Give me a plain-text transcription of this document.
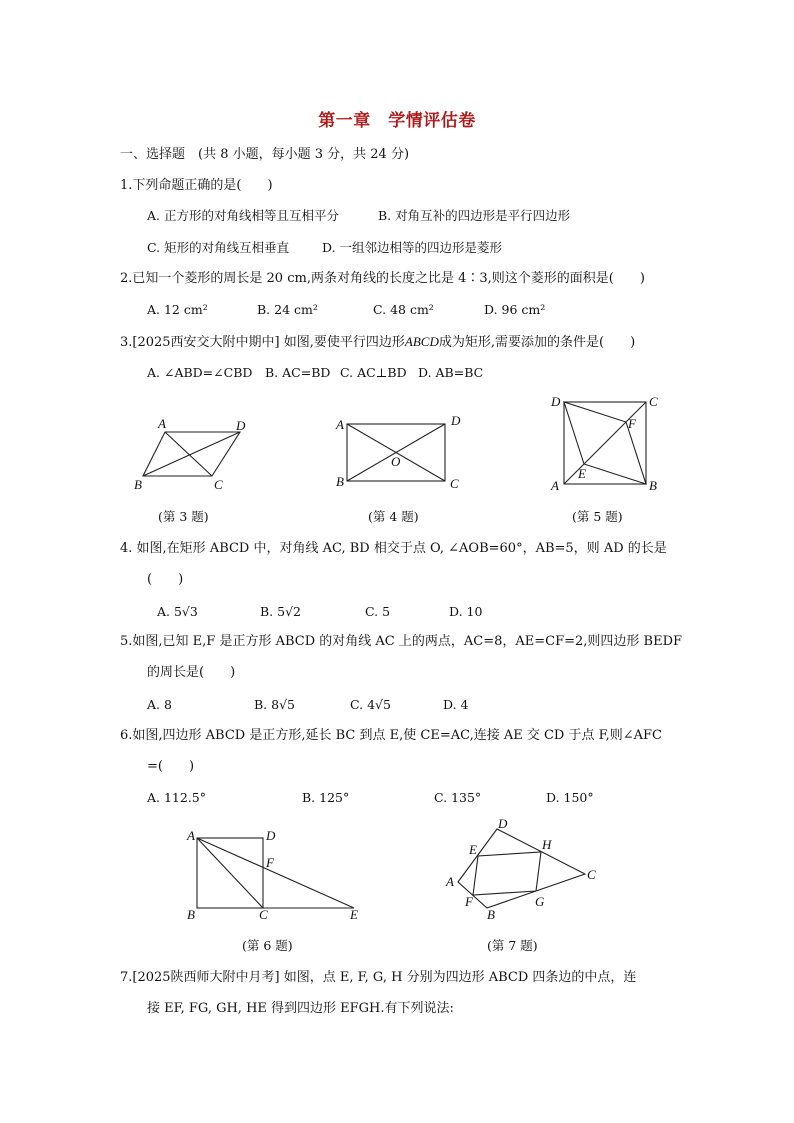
第一章　学情评估卷
一、选择题　(共 8 小题，每小题 3 分，共 24 分)
1.下列命题正确的是(　　)
A. 正方形的对角线相等且互相平分	B. 对角互补的四边形是平行四边形
C. 矩形的对角线互相垂直	D. 一组邻边相等的四边形是菱形
2.已知一个菱形的周长是 20 cm,两条对角线的长度之比是 4∶3,则这个菱形的面积是(　　)
A. 12 cm²	B. 24 cm²	C. 48 cm²	D. 96 cm²
3.[2025西安交大附中期中] 如图,要使平行四边形ABCD成为矩形,需要添加的条件是(　　)
A. ∠ABD=∠CBD B. AC=BD C. AC⊥BD D. AB=BC
A	D
B	C
(第 3 题)
A	D
O
B	C
(第 4 题)
D	C
F
E
A	B
(第 5 题)
4. 如图,在矩形 ABCD 中，对角线 AC, BD 相交于点 O, ∠AOB=60°，AB=5，则 AD 的长是
(　　)
A. 5√3	B. 5√2	C. 5	D. 10
5.如图,已知 E,F 是正方形 ABCD 的对角线 AC 上的两点，AC=8，AE=CF=2,则四边形 BEDF
的周长是(　　)
A. 8	B. 8√5	C. 4√5	D. 4
6.如图,四边形 ABCD 是正方形,延长 BC 到点 E,使 CE=AC,连接 AE 交 CD 于点 F,则∠AFC
=(　　)
A. 112.5°	B. 125°	C. 135°	D. 150°
A	D
F
B	C	E
(第 6 题)
D
E	H
A	C
F	G
B
(第 7 题)
7.[2025陕西师大附中月考] 如图，点 E, F, G, H 分别为四边形 ABCD 四条边的中点，连
接 EF, FG, GH, HE 得到四边形 EFGH.有下列说法:
